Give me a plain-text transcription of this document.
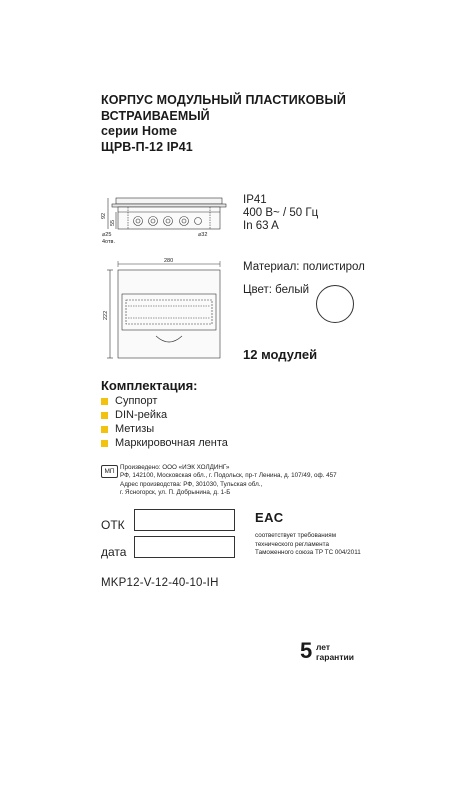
КОРПУС МОДУЛЬНЫЙ ПЛАСТИКОВЫЙ
ВСТРАИВАЕМЫЙ
серии Home
ЩРВ-П-12 IP41
92
55
⌀25
4отв.
⌀32
280
222
IP41
400 В~ / 50 Гц
In 63 A
Материал: полистирол
Цвет: белый
12 модулей
Комплектация:
Суппорт
DIN-рейка
Метизы
Маркировочная лента
МП
Произведено: ООО «ИЭК ХОЛДИНГ»
РФ, 142100, Московская обл., г. Подольск, пр-т Ленина, д. 107/49, оф. 457
Адрес производства: РФ, 301030, Тульская обл.,
г. Ясногорск, ул. П. Добрынина, д. 1-Б
ОТК
дата
ЕАС
соответствует требованиям
технического регламента
Таможенного союза ТР ТС 004/2011
MKP12-V-12-40-10-IH
5 лет
гарантии
